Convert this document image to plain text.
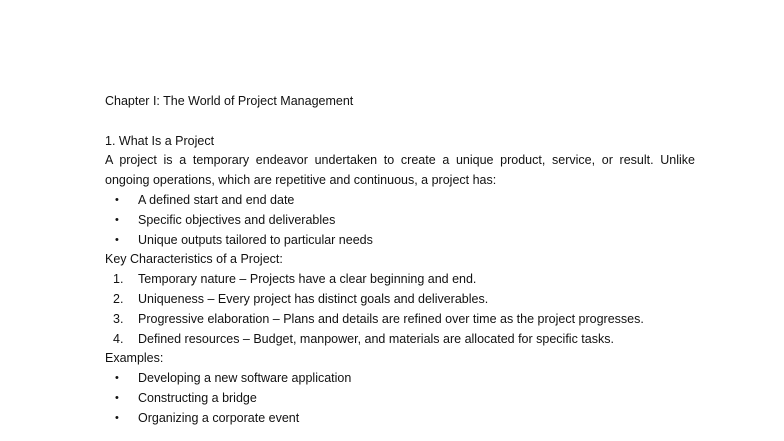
Chapter I: The World of Project Management
1. What Is a Project
A project is a temporary endeavor undertaken to create a unique product, service, or result. Unlike
ongoing operations, which are repetitive and continuous, a project has:
• A defined start and end date
• Specific objectives and deliverables
• Unique outputs tailored to particular needs
Key Characteristics of a Project:
1. Temporary nature – Projects have a clear beginning and end.
2. Uniqueness – Every project has distinct goals and deliverables.
3. Progressive elaboration – Plans and details are refined over time as the project progresses.
4. Defined resources – Budget, manpower, and materials are allocated for specific tasks.
Examples:
• Developing a new software application
• Constructing a bridge
• Organizing a corporate event
